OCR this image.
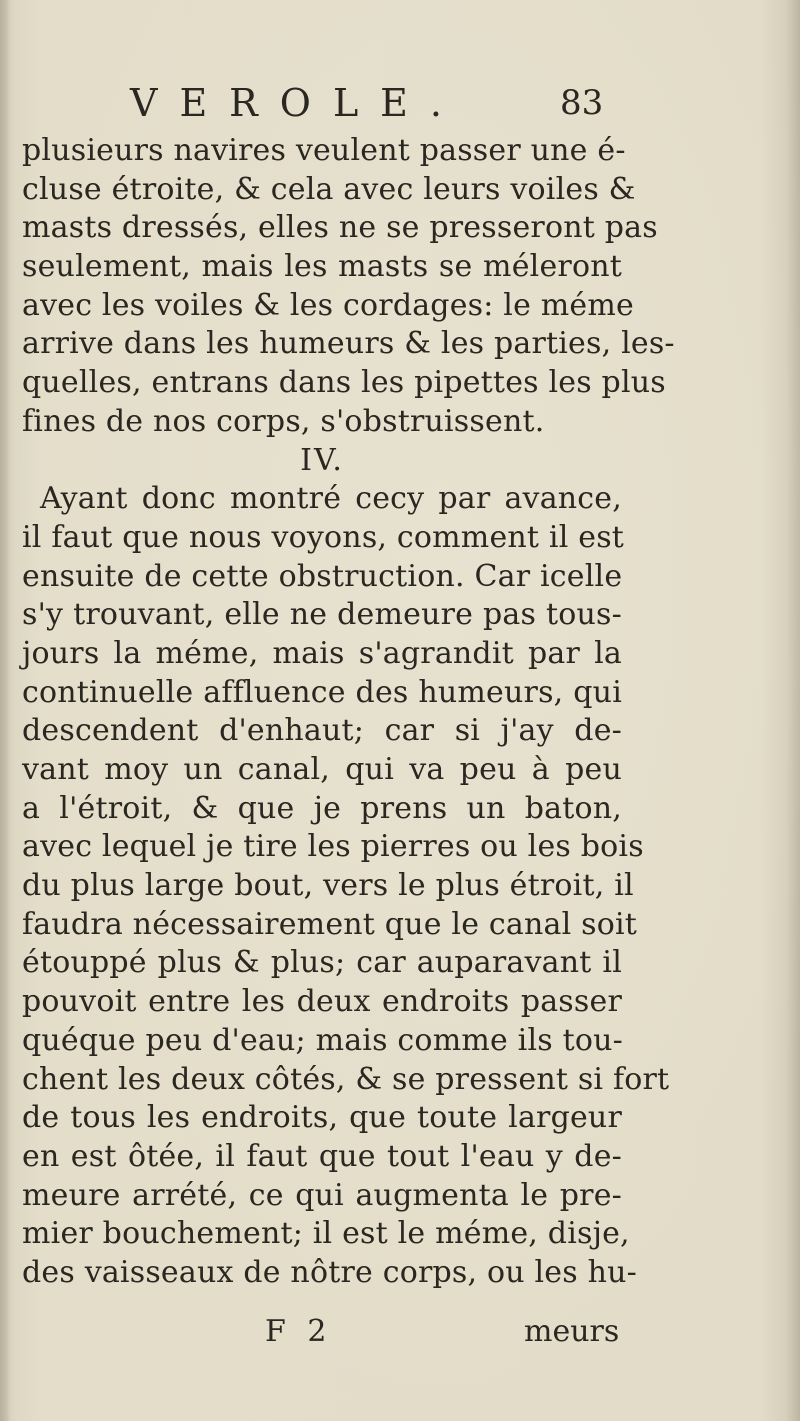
VEROLE.	83
plusieurs navires veulent passer une é-
cluse étroite, & cela avec leurs voiles &
masts dressés, elles ne se presseront pas
seulement, mais les masts se méleront
avec les voiles & les cordages: le méme
arrive dans les humeurs & les parties, les-
quelles, entrans dans les pipettes les plus
fines de nos corps, s'obstruissent.
IV.
Ayant donc montré cecy par avance,
il faut que nous voyons, comment il est
ensuite de cette obstruction. Car icelle
s'y trouvant, elle ne demeure pas tous-
jours la méme, mais s'agrandit par la
continuelle affluence des humeurs, qui
descendent d'enhaut; car si j'ay de-
vant moy un canal, qui va peu à peu
a l'étroit, & que je prens un baton,
avec lequel je tire les pierres ou les bois
du plus large bout, vers le plus étroit, il
faudra nécessairement que le canal soit
étouppé plus & plus; car auparavant il
pouvoit entre les deux endroits passer
quéque peu d'eau; mais comme ils tou-
chent les deux côtés, & se pressent si fort
de tous les endroits, que toute largeur
en est ôtée, il faut que tout l'eau y de-
meure arrété, ce qui augmenta le pre-
mier bouchement; il est le méme, disje,
des vaisseaux de nôtre corps, ou les hu-
F 2	meurs
